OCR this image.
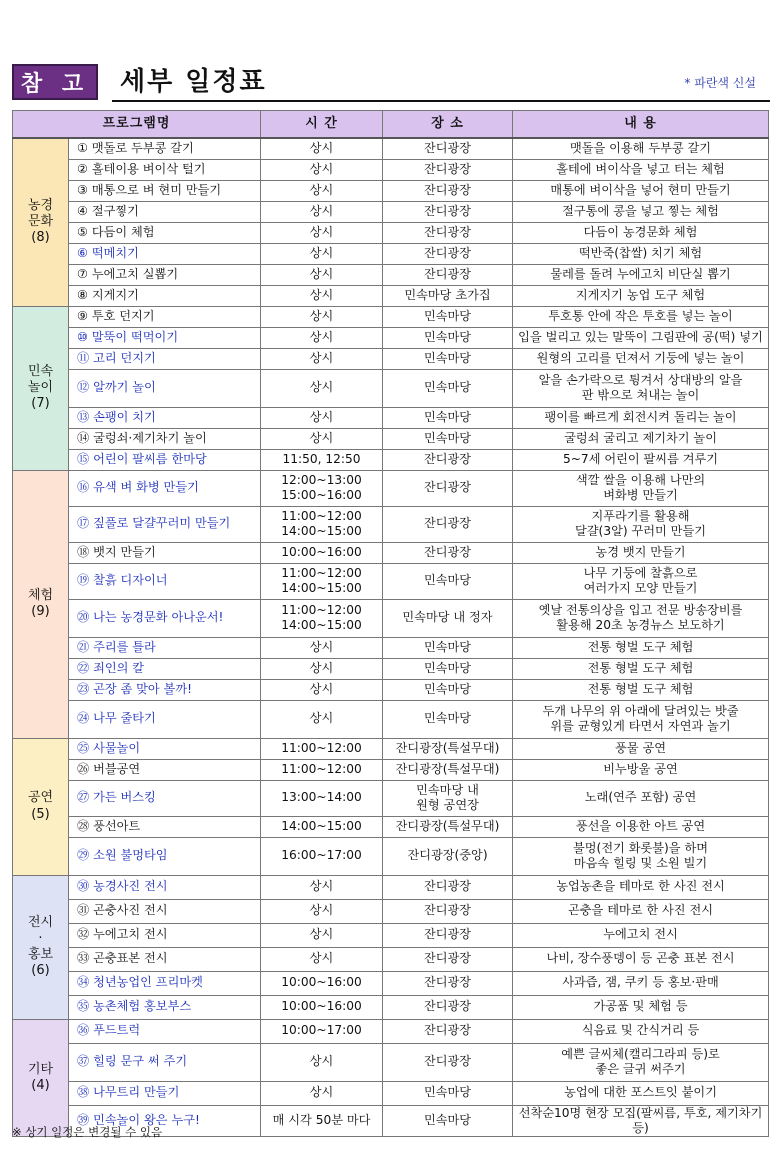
참 고	세부 일정표	* 파란색 신설
프로그램명		시 간	장 소	내 용
농경
문화
(8)	① 맷돌로 두부콩 갈기	상시	잔디광장	맷돌을 이용해 두부콩 갈기
	② 홀테이용 벼이삭 털기	상시	잔디광장	홀테에 벼이삭을 넣고 터는 체험
	③ 매통으로 벼 현미 만들기	상시	잔디광장	매통에 벼이삭을 넣어 현미 만들기
	④ 절구찧기	상시	잔디광장	절구통에 콩을 넣고 찧는 체험
	⑤ 다듬이 체험	상시	잔디광장	다듬이 농경문화 체험
	⑥ 떡메치기	상시	잔디광장	떡반죽(찹쌀) 치기 체험
	⑦ 누에고치 실뽑기	상시	잔디광장	물레를 돌려 누에고치 비단실 뽑기
	⑧ 지게지기	상시	민속마당 초가집	지게지기 농업 도구 체험
민속
놀이
(7)	⑨ 투호 던지기	상시	민속마당	투호통 안에 작은 투호를 넣는 놀이
	⑩ 말뚝이 떡먹이기	상시	민속마당	입을 벌리고 있는 말뚝이 그림판에 공(떡) 넣기
	⑪ 고리 던지기	상시	민속마당	원형의 고리를 던져서 기둥에 넣는 놀이
	⑫ 알까기 놀이	상시	민속마당	알을 손가락으로 튕겨서 상대방의 알을
판 밖으로 쳐내는 놀이
	⑬ 손팽이 치기	상시	민속마당	팽이를 빠르게 회전시켜 돌리는 놀이
	⑭ 굴렁쇠·제기차기 놀이	상시	민속마당	굴렁쇠 굴리고 제기차기 놀이
	⑮ 어린이 팔씨름 한마당	11:50, 12:50	잔디광장	5~7세 어린이 팔씨름 겨루기
체험
(9)	⑯ 유색 벼 화병 만들기	12:00~13:00
15:00~16:00	잔디광장	색깔 쌀을 이용해 나만의
벼화병 만들기
	⑰ 짚풀로 달걀꾸러미 만들기	11:00~12:00
14:00~15:00	잔디광장	지푸라기를 활용해
달걀(3알) 꾸러미 만들기
	⑱ 뱃지 만들기	10:00~16:00	잔디광장	농경 뱃지 만들기
	⑲ 찰흙 디자이너	11:00~12:00
14:00~15:00	민속마당	나무 기둥에 찰흙으로
여러가지 모양 만들기
	⑳ 나는 농경문화 아나운서!	11:00~12:00
14:00~15:00	민속마당 내 정자	옛날 전통의상을 입고 전문 방송장비를
활용해 20초 농경뉴스 보도하기
	㉑ 주리를 틀라	상시	민속마당	전통 형벌 도구 체험
	㉒ 죄인의 칼	상시	민속마당	전통 형벌 도구 체험
	㉓ 곤장 좀 맞아 볼까!	상시	민속마당	전통 형벌 도구 체험
	㉔ 나무 줄타기	상시	민속마당	두개 나무의 위 아래에 달려있는 밧줄
위를 균형있게 타면서 자연과 놀기
공연
(5)	㉕ 사물놀이	11:00~12:00	잔디광장(특설무대)	풍물 공연
	㉖ 버블공연	11:00~12:00	잔디광장(특설무대)	비누방울 공연
	㉗ 가든 버스킹	13:00~14:00	민속마당 내
원형 공연장	노래(연주 포함) 공연
	㉘ 풍선아트	14:00~15:00	잔디광장(특설무대)	풍선을 이용한 아트 공연
	㉙ 소원 불멍타임	16:00~17:00	잔디광장(중앙)	불멍(전기 화롯불)을 하며
마음속 힐링 및 소원 빌기
전시
·
홍보
(6)	㉚ 농경사진 전시	상시	잔디광장	농업농촌을 테마로 한 사진 전시
	㉛ 곤충사진 전시	상시	잔디광장	곤충을 테마로 한 사진 전시
	㉜ 누에고치 전시	상시	잔디광장	누에고치 전시
	㉝ 곤충표본 전시	상시	잔디광장	나비, 장수풍뎅이 등 곤충 표본 전시
	㉞ 청년농업인 프리마켓	10:00~16:00	잔디광장	사과즙, 잼, 쿠키 등 홍보·판매
	㉟ 농촌체험 홍보부스	10:00~16:00	잔디광장	가공품 및 체험 등
기타
(4)	㊱ 푸드트럭	10:00~17:00	잔디광장	식음료 및 간식거리 등
	㊲ 힐링 문구 써 주기	상시	잔디광장	예쁜 글씨체(캘리그라피 등)로
좋은 글귀 써주기
	㊳ 나무트리 만들기	상시	민속마당	농업에 대한 포스트잇 붙이기
	㊴ 민속놀이 왕은 누구!	매 시각 50분 마다	민속마당	선착순10명 현장 모집(팔씨름, 투호, 제기차기 등)
※ 상기 일정은 변경될 수 있음
